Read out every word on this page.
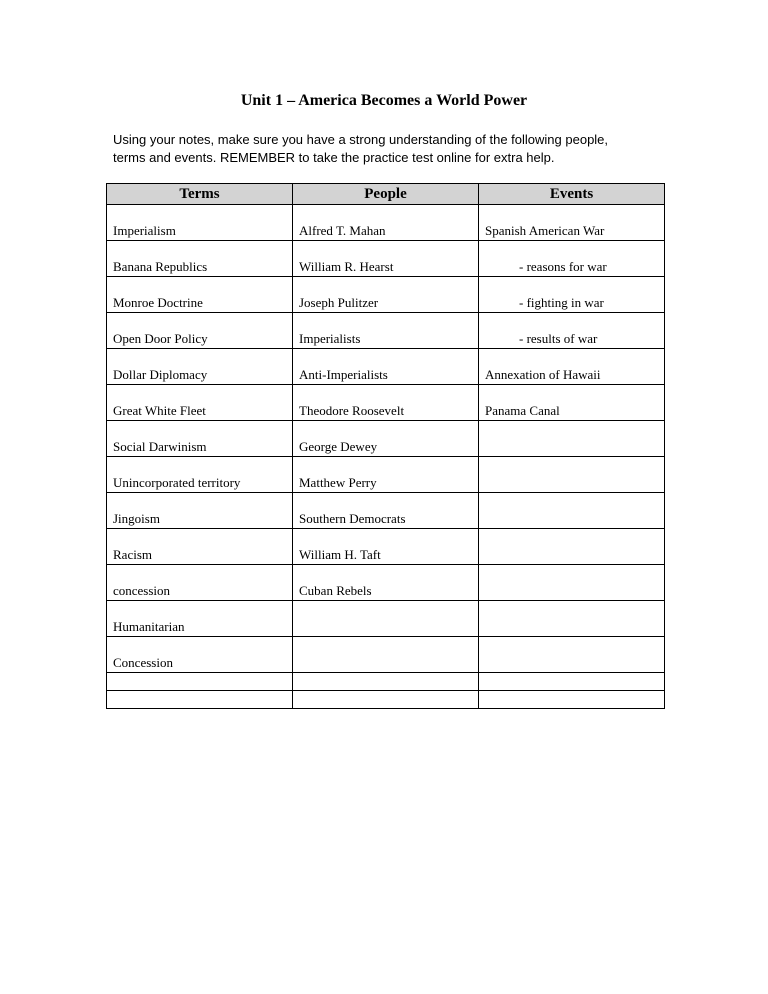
Unit 1 – America Becomes a World Power
Using your notes, make sure you have a strong understanding of the following people,
terms and events. REMEMBER to take the practice test online for extra help.
Terms	People	Events
Imperialism	Alfred T. Mahan	Spanish American War
Banana Republics	William R. Hearst	- reasons for war
Monroe Doctrine	Joseph Pulitzer	- fighting in war
Open Door Policy	Imperialists	- results of war
Dollar Diplomacy	Anti-Imperialists	Annexation of Hawaii
Great White Fleet	Theodore Roosevelt	Panama Canal
Social Darwinism	George Dewey	
Unincorporated territory	Matthew Perry	
Jingoism	Southern Democrats	
Racism	William H. Taft	
concession	Cuban Rebels	
Humanitarian		
Concession		
